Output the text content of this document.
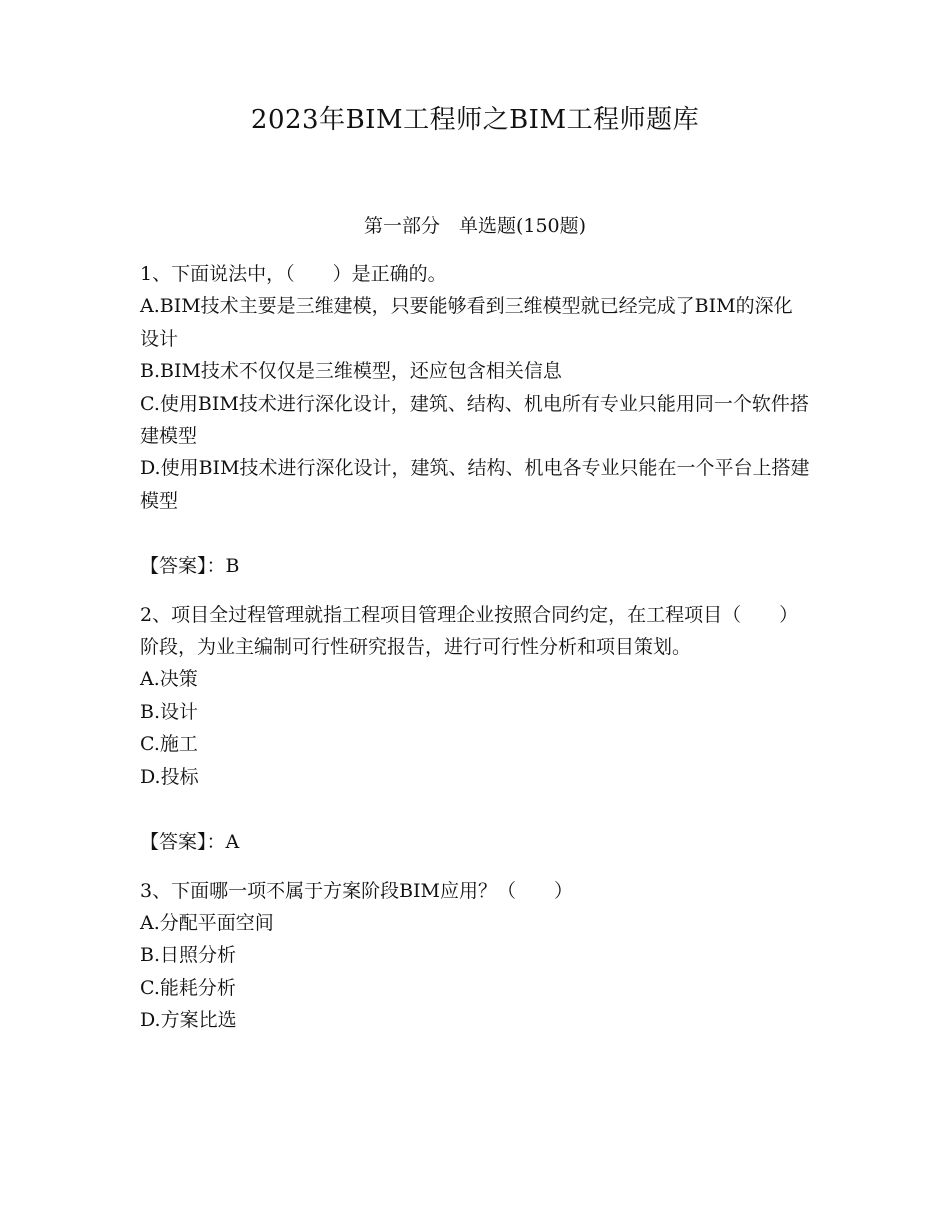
2023年BIM工程师之BIM工程师题库
第一部分　单选题(150题)
1、下面说法中，（　　）是正确的。
A.BIM技术主要是三维建模，只要能够看到三维模型就已经完成了BIM的深化设计
B.BIM技术不仅仅是三维模型，还应包含相关信息
C.使用BIM技术进行深化设计，建筑、结构、机电所有专业只能用同一个软件搭建模型
D.使用BIM技术进行深化设计，建筑、结构、机电各专业只能在一个平台上搭建模型
【答案】：B
2、项目全过程管理就指工程项目管理企业按照合同约定，在工程项目（　　）阶段，为业主编制可行性研究报告，进行可行性分析和项目策划。
A.决策
B.设计
C.施工
D.投标
【答案】：A
3、下面哪一项不属于方案阶段BIM应用？（　　）
A.分配平面空间
B.日照分析
C.能耗分析
D.方案比选
